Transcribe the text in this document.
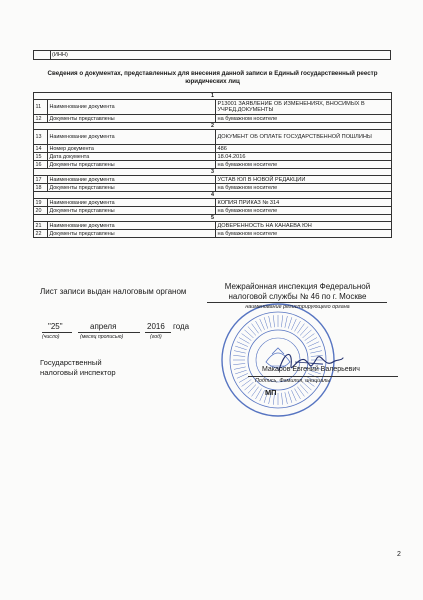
	(ИНН)
Сведения о документах, представленных для внесения данной записи в Единый государственный реестр юридических лиц
1		
11	Наименование документа	Р13001 ЗАЯВЛЕНИЕ ОБ ИЗМЕНЕНИЯХ, ВНОСИМЫХ В УЧРЕД.ДОКУМЕНТЫ
12	Документы представлены	на бумажном носителе
2		
13	Наименование документа	ДОКУМЕНТ ОБ ОПЛАТЕ ГОСУДАРСТВЕННОЙ ПОШЛИНЫ
14	Номер документа	486
15	Дата документа	18.04.2016
16	Документы представлены	на бумажном носителе
3		
17	Наименование документа	УСТАВ ЮЛ В НОВОЙ РЕДАКЦИИ
18	Документы представлены	на бумажном носителе
4		
19	Наименование документа	КОПИЯ ПРИКАЗ № 314
20	Документы представлены	на бумажном носителе
5		
21	Наименование документа	ДОВЕРЕННОСТЬ НА КАНАЕВА ЮН
22	Документы представлены	на бумажном носителе
Лист записи выдан налоговым органом
Межрайонная инспекция Федеральной
налоговой службы № 46 по г. Москве
наименование регистрирующего органа
"25"
(число)
апреля
(месяц прописью)
2016 года
(год)
Государственный
налоговый инспектор	Макаров Евгений Валерьевич
Подпись, Фамилия, инициалы
МП
2
